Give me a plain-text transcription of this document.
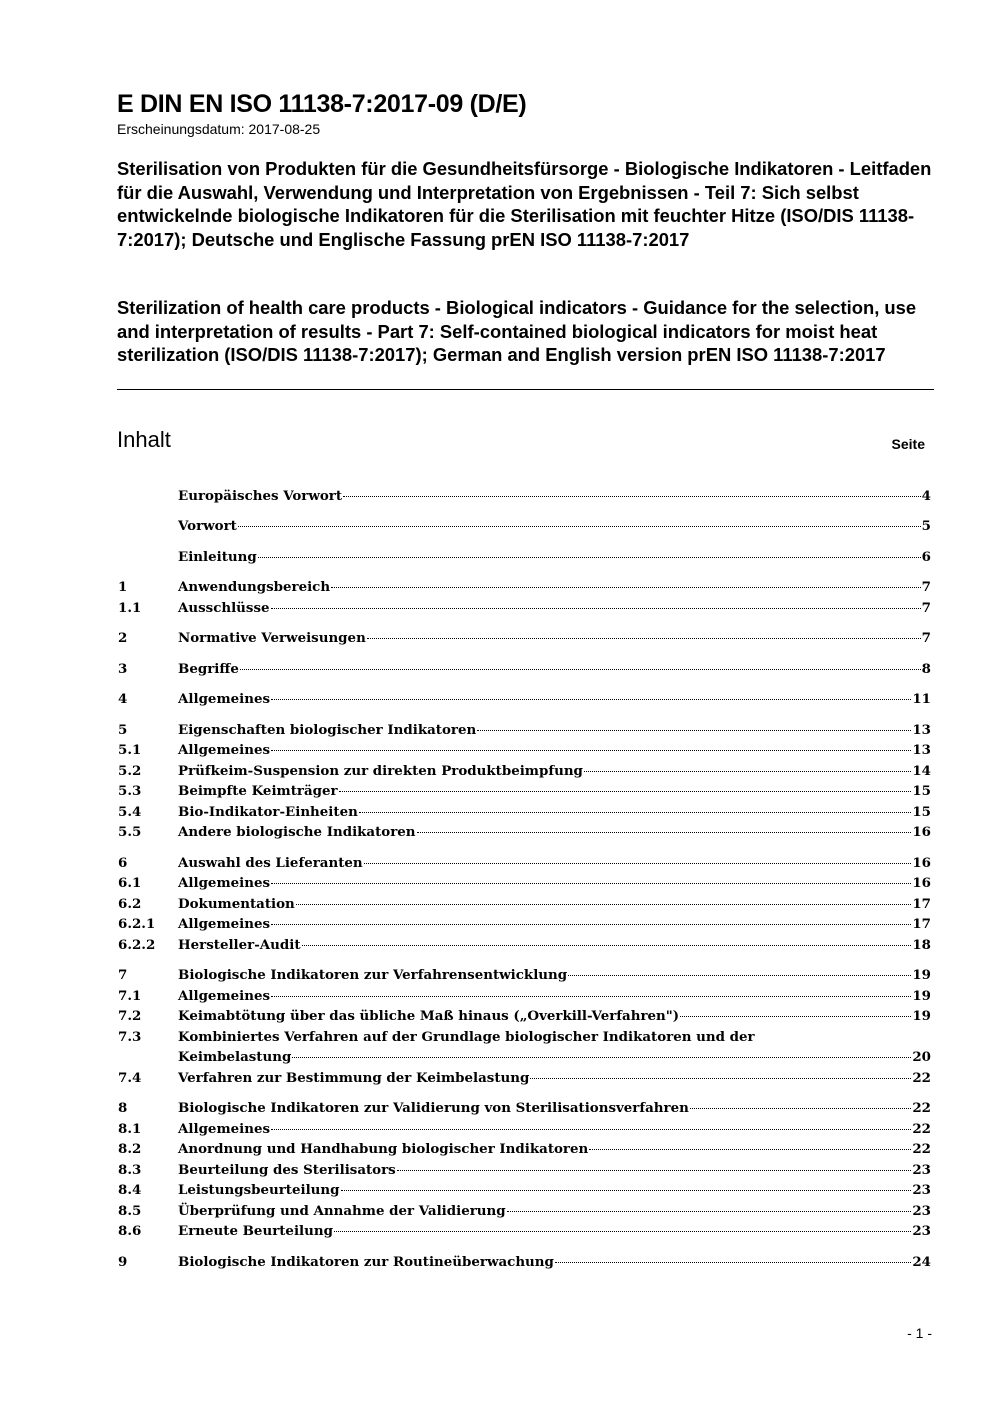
E DIN EN ISO 11138-7:2017-09 (D/E)
Erscheinungsdatum: 2017-08-25
Sterilisation von Produkten für die Gesundheitsfürsorge - Biologische Indikatoren - Leitfaden für die Auswahl, Verwendung und Interpretation von Ergebnissen - Teil 7: Sich selbst entwickelnde biologische Indikatoren für die Sterilisation mit feuchter Hitze (ISO/DIS 11138-7:2017); Deutsche und Englische Fassung prEN ISO 11138-7:2017
Sterilization of health care products - Biological indicators - Guidance for the selection, use and interpretation of results - Part 7: Self-contained biological indicators for moist heat sterilization (ISO/DIS 11138-7:2017); German and English version prEN ISO 11138-7:2017
Inhalt	Seite
Europäisches Vorwort	4
Vorwort	5
Einleitung	6
1	Anwendungsbereich	7
1.1	Ausschlüsse	7
2	Normative Verweisungen	7
3	Begriffe	8
4	Allgemeines	11
5	Eigenschaften biologischer Indikatoren	13
5.1	Allgemeines	13
5.2	Prüfkeim-Suspension zur direkten Produktbeimpfung	14
5.3	Beimpfte Keimträger	15
5.4	Bio-Indikator-Einheiten	15
5.5	Andere biologische Indikatoren	16
6	Auswahl des Lieferanten	16
6.1	Allgemeines	16
6.2	Dokumentation	17
6.2.1	Allgemeines	17
6.2.2	Hersteller-Audit	18
7	Biologische Indikatoren zur Verfahrensentwicklung	19
7.1	Allgemeines	19
7.2	Keimabtötung über das übliche Maß hinaus („Overkill-Verfahren")	19
7.3	Kombiniertes Verfahren auf der Grundlage biologischer Indikatoren und der
Keimbelastung	20
7.4	Verfahren zur Bestimmung der Keimbelastung	22
8	Biologische Indikatoren zur Validierung von Sterilisationsverfahren	22
8.1	Allgemeines	22
8.2	Anordnung und Handhabung biologischer Indikatoren	22
8.3	Beurteilung des Sterilisators	23
8.4	Leistungsbeurteilung	23
8.5	Überprüfung und Annahme der Validierung	23
8.6	Erneute Beurteilung	23
9	Biologische Indikatoren zur Routineüberwachung	24
- 1 -
